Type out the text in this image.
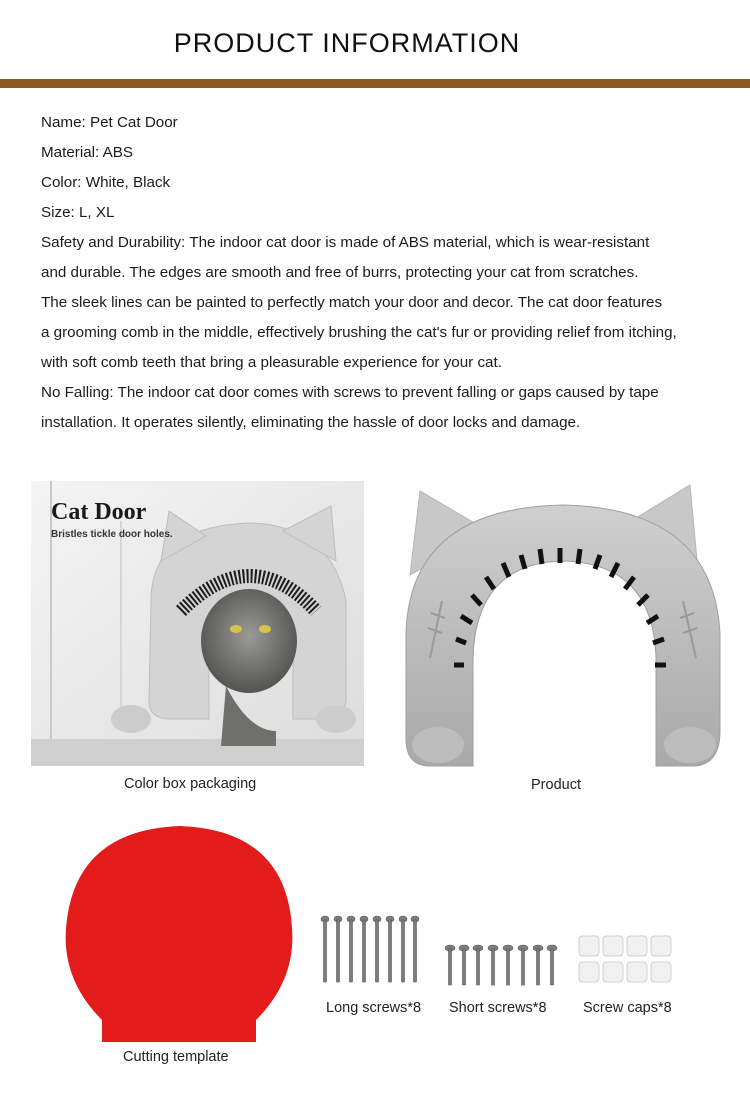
PRODUCT INFORMATION

Name: Pet Cat Door

Material: ABS

Color: White, Black

Size: L, XL

Safety and Durability: The indoor cat door is made of ABS material, which is wear-resistant

and durable. The edges are smooth and free of burrs, protecting your cat from scratches.

The sleek lines can be painted to perfectly match your door and decor. The cat door features

a grooming comb in the middle, effectively brushing the cat's fur or providing relief from itching,

with soft comb teeth that bring a pleasurable experience for your cat.

No Falling: The indoor cat door comes with screws to prevent falling or gaps caused by tape

installation. It operates silently, eliminating the hassle of door locks and damage.

Cat Door
Bristles tickle door holes.
Color box packaging	Product
Cutting template
Long screws*8 Short screws*8	Screw caps*8
